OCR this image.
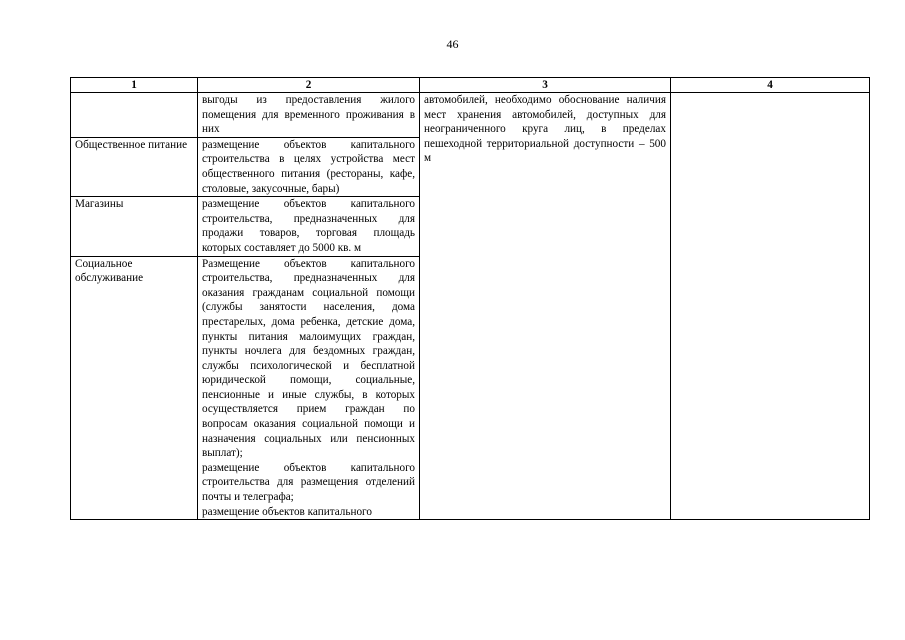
46
1	2	3	4

	выгоды из предоставления жилого помещения для временного проживания в них	автомобилей, необходимо обоснование наличия мест хранения автомобилей, доступных для неограниченного круга лиц, в пределах пешеходной территориальной доступности – 500 м	

Общественное питание	размещение объектов капитального строительства в целях устройства мест общественного питания (рестораны, кафе, столовые, закусочные, бары)		

Магазины	размещение объектов капитального строительства, предназначенных для продажи товаров, торговая площадь которых составляет до 5000 кв. м		

Социальное обслуживание	Размещение объектов капитального строительства, предназначенных для оказания гражданам социальной помощи (службы занятости населения, дома престарелых, дома ребенка, детские дома, пункты питания малоимущих граждан, пункты ночлега для бездомных граждан, службы психологической и бесплатной юридической помощи, социальные, пенсионные и иные службы, в которых осуществляется прием граждан по вопросам оказания социальной помощи и назначения социальных или пенсионных выплат);
размещение объектов капитального строительства для размещения отделений почты и телеграфа;
размещение объектов капитального		
